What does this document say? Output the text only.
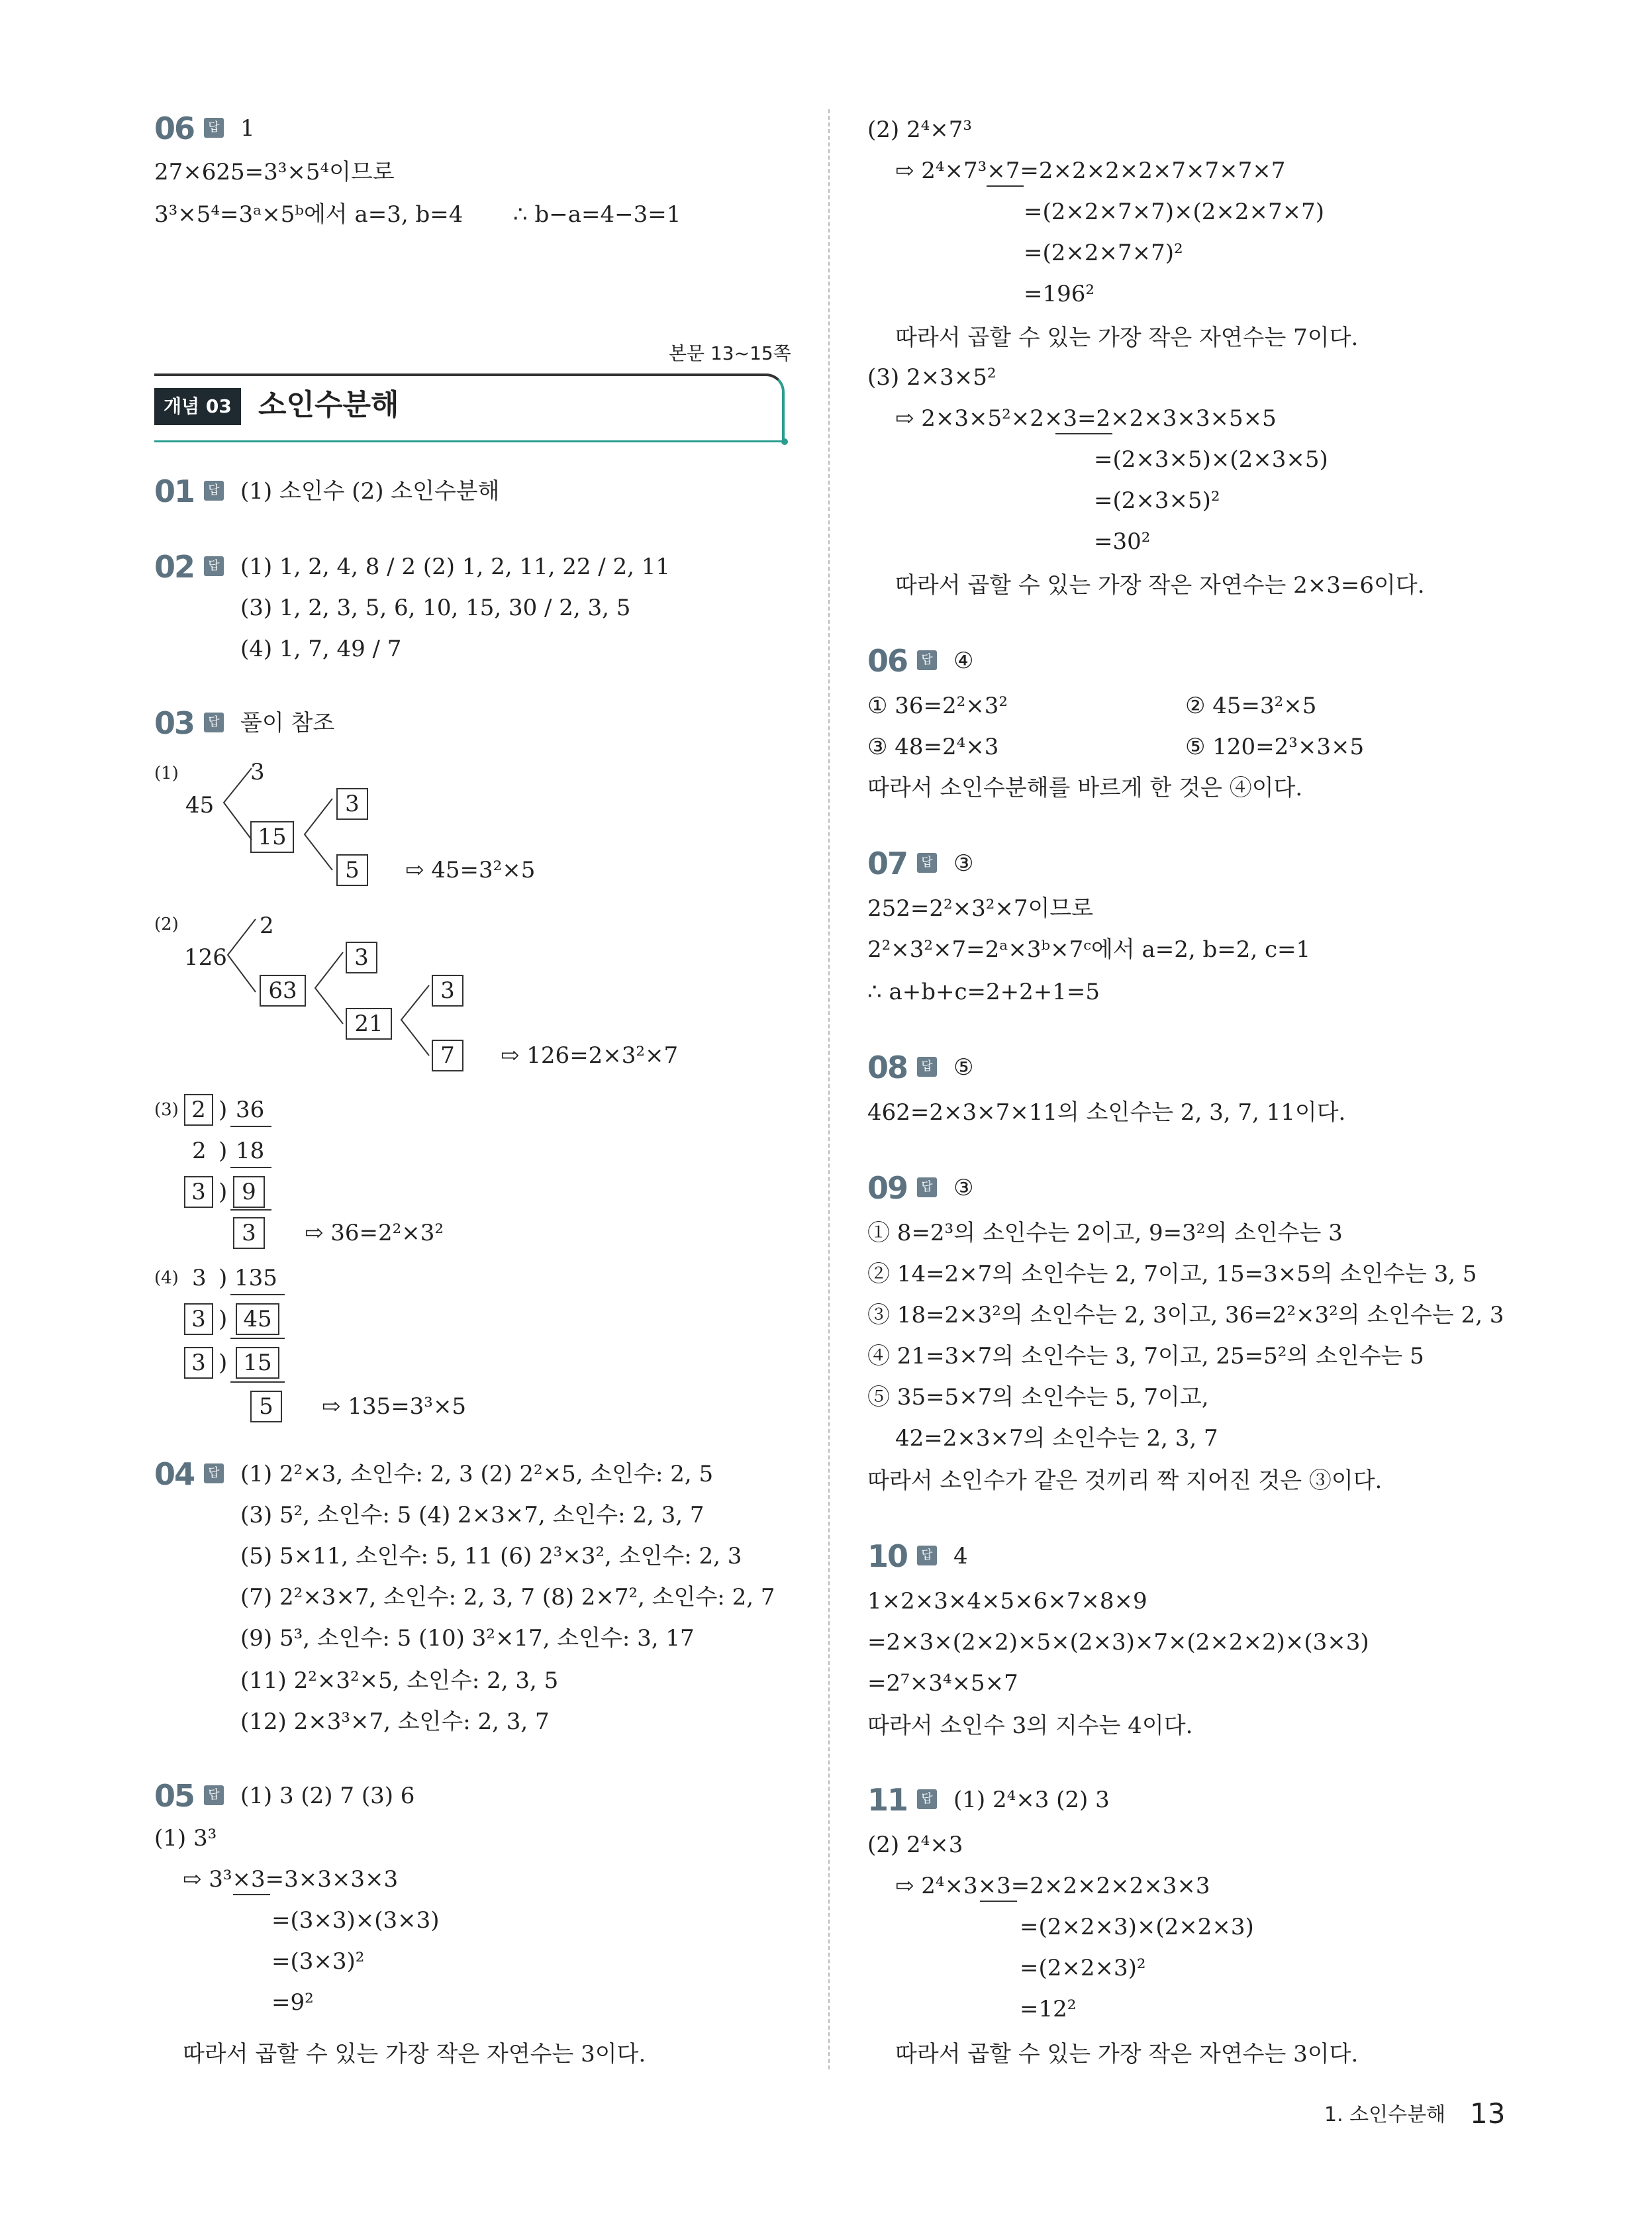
06	답 1
27×625=3³×5⁴이므로
3³×5⁴=3ᵃ×5ᵇ에서 a=3, b=4 ∴ b−a=4−3=1
본문 13~15쪽
개념 03 소인수분해
01	답 (1) 소인수 (2) 소인수분해
02	답 (1) 1, 2, 4, 8 / 2 (2) 1, 2, 11, 22 / 2, 11
(3) 1, 2, 3, 5, 6, 10, 15, 30 / 2, 3, 5
(4) 1, 7, 49 / 7
03	답 풀이 참조
(1)
45
3
15
3
5	⇨ 45=3²×5
(2)
126
2
63
3
21
3
7	⇨ 126=2×3²×7
(3) 2 ) 36
2 ) 18
3 ) 9
3	⇨ 36=2²×3²
(4) 3 ) 135
3 ) 45
3 ) 15
5	⇨ 135=3³×5
04	답 (1) 2²×3, 소인수: 2, 3 (2) 2²×5, 소인수: 2, 5
(3) 5², 소인수: 5 (4) 2×3×7, 소인수: 2, 3, 7
(5) 5×11, 소인수: 5, 11 (6) 2³×3², 소인수: 2, 3
(7) 2²×3×7, 소인수: 2, 3, 7 (8) 2×7², 소인수: 2, 7
(9) 5³, 소인수: 5 (10) 3²×17, 소인수: 3, 17
(11) 2²×3²×5, 소인수: 2, 3, 5
(12) 2×3³×7, 소인수: 2, 3, 7
05	답 (1) 3 (2) 7 (3) 6
(1) 3³
⇨ 3³×3=3×3×3×3
=(3×3)×(3×3)
=(3×3)²
=9²
따라서 곱할 수 있는 가장 작은 자연수는 3이다.
(2) 2⁴×7³
⇨ 2⁴×7³×7=2×2×2×2×7×7×7×7
=(2×2×7×7)×(2×2×7×7)
=(2×2×7×7)²
=196²
따라서 곱할 수 있는 가장 작은 자연수는 7이다.
(3) 2×3×5²
⇨ 2×3×5²×2×3=2×2×3×3×5×5
=(2×3×5)×(2×3×5)
=(2×3×5)²
=30²
따라서 곱할 수 있는 가장 작은 자연수는 2×3=6이다.
06	답 ④
① 36=2²×3²	② 45=3²×5
③ 48=2⁴×3	⑤ 120=2³×3×5
따라서 소인수분해를 바르게 한 것은 ④이다.
07	답 ③
252=2²×3²×7이므로
2²×3²×7=2ᵃ×3ᵇ×7ᶜ에서 a=2, b=2, c=1
∴ a+b+c=2+2+1=5
08	답 ⑤
462=2×3×7×11의 소인수는 2, 3, 7, 11이다.
09	답 ③
① 8=2³의 소인수는 2이고, 9=3²의 소인수는 3
② 14=2×7의 소인수는 2, 7이고, 15=3×5의 소인수는 3, 5
③ 18=2×3²의 소인수는 2, 3이고, 36=2²×3²의 소인수는 2, 3
④ 21=3×7의 소인수는 3, 7이고, 25=5²의 소인수는 5
⑤ 35=5×7의 소인수는 5, 7이고,
42=2×3×7의 소인수는 2, 3, 7
따라서 소인수가 같은 것끼리 짝 지어진 것은 ③이다.
10	답 4
1×2×3×4×5×6×7×8×9
=2×3×(2×2)×5×(2×3)×7×(2×2×2)×(3×3)
=2⁷×3⁴×5×7
따라서 소인수 3의 지수는 4이다.
11	답 (1) 2⁴×3 (2) 3
(2) 2⁴×3
⇨ 2⁴×3×3=2×2×2×2×3×3
=(2×2×3)×(2×2×3)
=(2×2×3)²
=12²
따라서 곱할 수 있는 가장 작은 자연수는 3이다.
1. 소인수분해 13
